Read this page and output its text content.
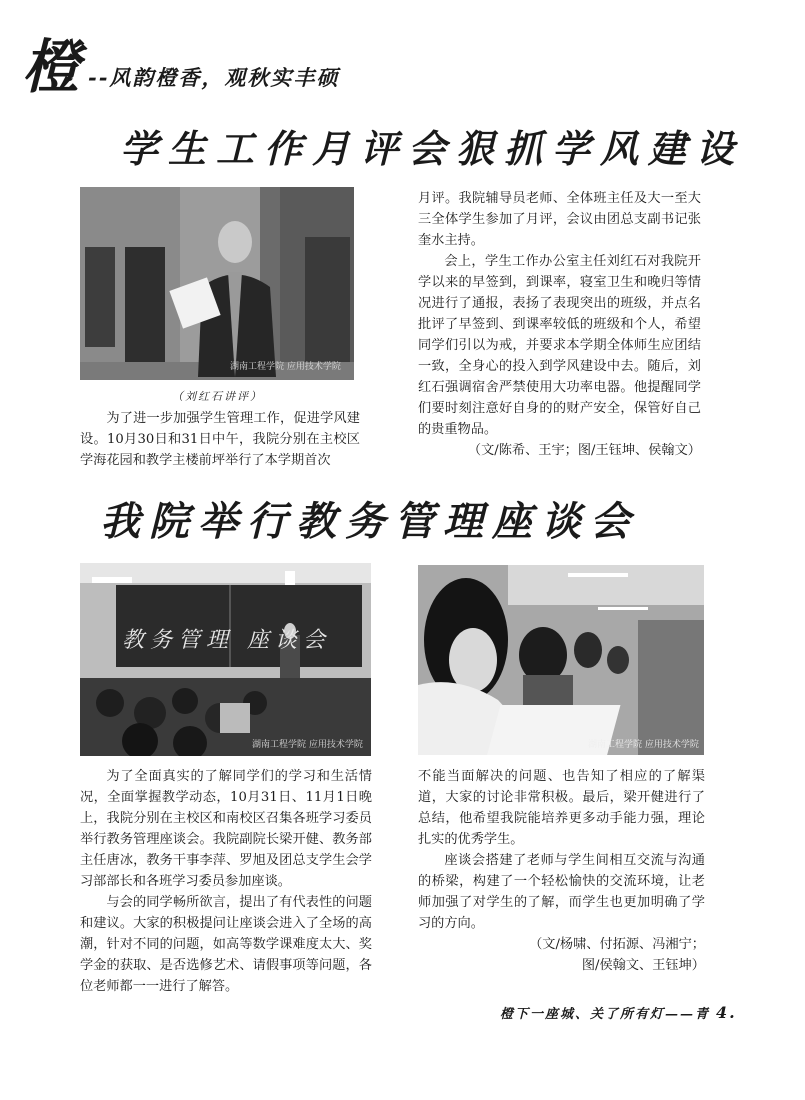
橙 --风韵橙香，观秋实丰硕
学生工作月评会狠抓学风建设
湖南工程学院 应用技术学院
（刘红石讲评）

为了进一步加强学生管理工作，促进学风建设。10月30日和31日中午，我院分别在主校区学海花园和教学主楼前坪举行了本学期首次

月评。我院辅导员老师、全体班主任及大一至大三全体学生参加了月评，会议由团总支副书记张奎水主持。

会上，学生工作办公室主任刘红石对我院开学以来的早签到，到课率，寝室卫生和晚归等情况进行了通报，表扬了表现突出的班级，并点名批评了早签到、到课率较低的班级和个人，希望同学们引以为戒，并要求本学期全体师生应团结一致，全身心的投入到学风建设中去。随后，刘红石强调宿舍严禁使用大功率电器。他提醒同学们要时刻注意好自身的的财产安全，保管好自己的贵重物品。

（文/陈希、王宇；图/王钰坤、侯翰文）

我院举行教务管理座谈会
教务管理 座谈会
湖南工程学院 应用技术学院	湖南工程学院 应用技术学院

为了全面真实的了解同学们的学习和生活情况，全面掌握教学动态，10月31日、11月1日晚上，我院分别在主校区和南校区召集各班学习委员举行教务管理座谈会。我院副院长梁开健、教务部主任唐冰，教务干事李萍、罗旭及团总支学生会学习部部长和各班学习委员参加座谈。

与会的同学畅所欲言，提出了有代表性的问题和建议。大家的积极提问让座谈会进入了全场的高潮，针对不同的问题，如高等数学课难度太大、奖学金的获取、是否选修艺术、请假事项等问题，各位老师都一一进行了解答。

不能当面解决的问题、也告知了相应的了解渠道，大家的讨论非常积极。最后，梁开健进行了总结，他希望我院能培养更多动手能力强，理论扎实的优秀学生。

座谈会搭建了老师与学生间相互交流与沟通的桥梁，构建了一个轻松愉快的交流环境，让老师加强了对学生的了解，而学生也更加明确了学习的方向。

（文/杨啸、付拓源、冯湘宁；

图/侯翰文、王钰坤）

橙下一座城、关了所有灯——青 4.
